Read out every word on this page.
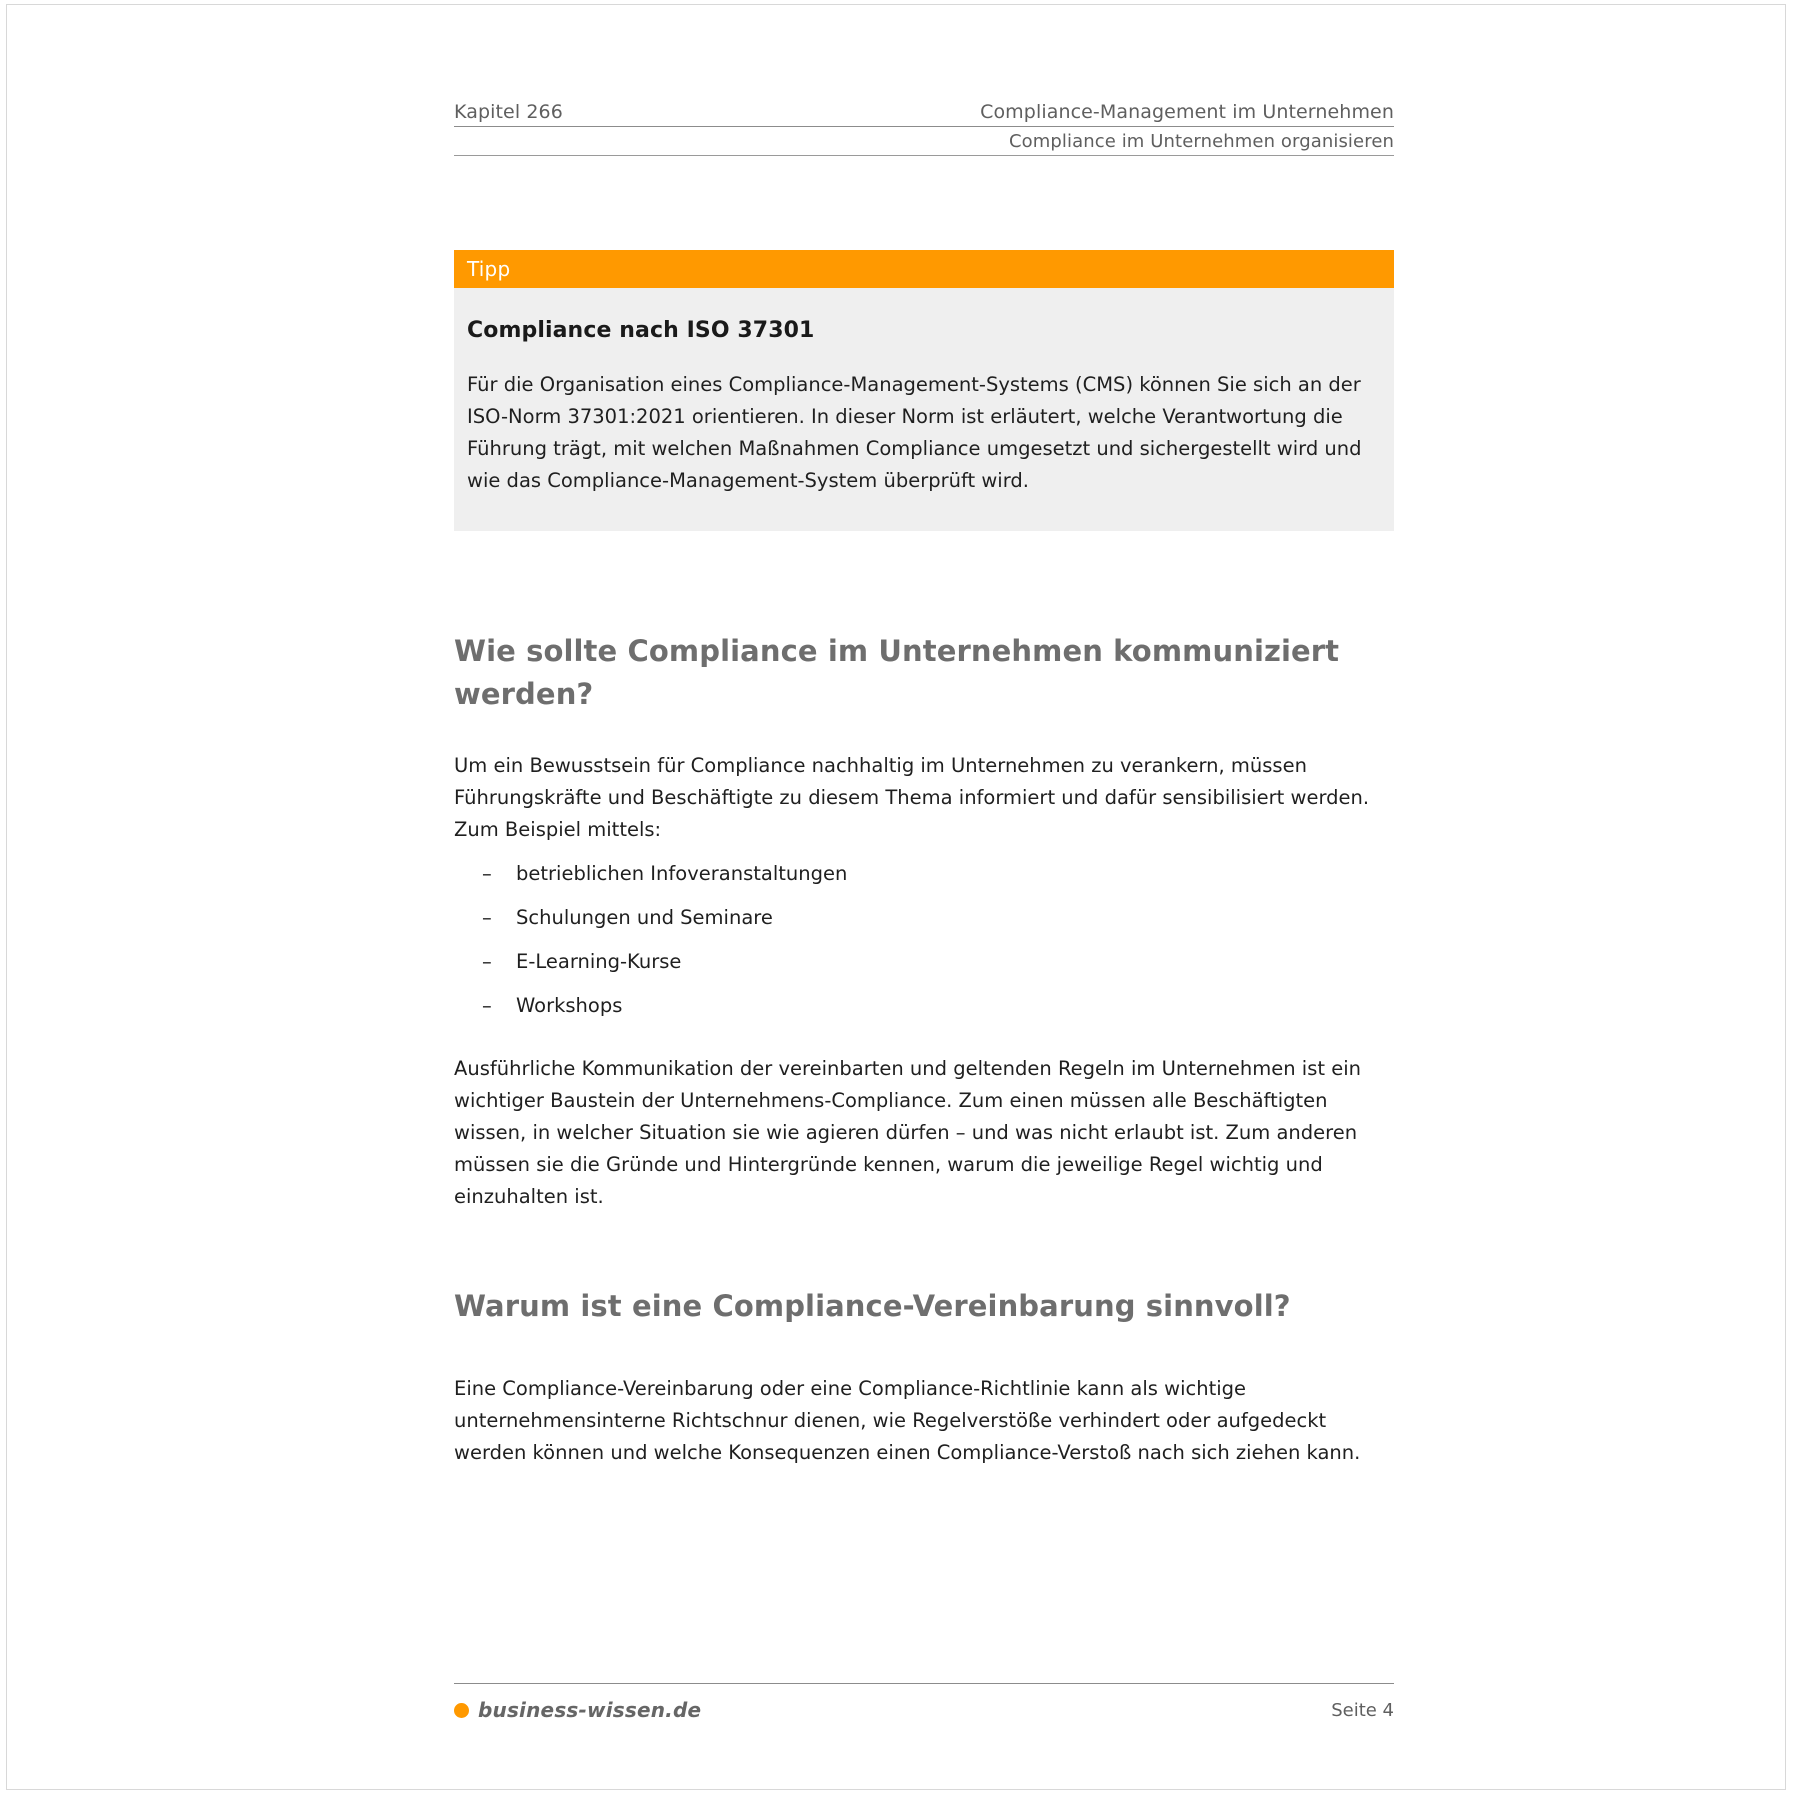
Kapitel 266	Compliance-Management im Unternehmen
Compliance im Unternehmen organisieren
Tipp

Compliance nach ISO 37301

Für die Organisation eines Compliance-Management-Systems (CMS) können Sie sich an der ISO-Norm 37301:2021 orientieren. In dieser Norm ist erläutert, welche Verantwortung die Führung trägt, mit welchen Maßnahmen Compliance umgesetzt und sichergestellt wird und wie das Compliance-Management-System überprüft wird.

Wie sollte Compliance im Unternehmen kommuniziert werden?

Um ein Bewusstsein für Compliance nachhaltig im Unternehmen zu verankern, müssen Führungskräfte und Beschäftigte zu diesem Thema informiert und dafür sensibilisiert werden. Zum Beispiel mittels:

– betrieblichen Infoveranstaltungen
– Schulungen und Seminare
– E-Learning-Kurse
– Workshops

Ausführliche Kommunikation der vereinbarten und geltenden Regeln im Unternehmen ist ein wichtiger Baustein der Unternehmens-Compliance. Zum einen müssen alle Beschäftigten wissen, in welcher Situation sie wie agieren dürfen – und was nicht erlaubt ist. Zum anderen müssen sie die Gründe und Hintergründe kennen, warum die jeweilige Regel wichtig und einzuhalten ist.

Warum ist eine Compliance-Vereinbarung sinnvoll?

Eine Compliance-Vereinbarung oder eine Compliance-Richtlinie kann als wichtige unternehmensinterne Richtschnur dienen, wie Regelverstöße verhindert oder aufgedeckt werden können und welche Konsequenzen einen Compliance-Verstoß nach sich ziehen kann.

business-wissen.de	Seite 4
